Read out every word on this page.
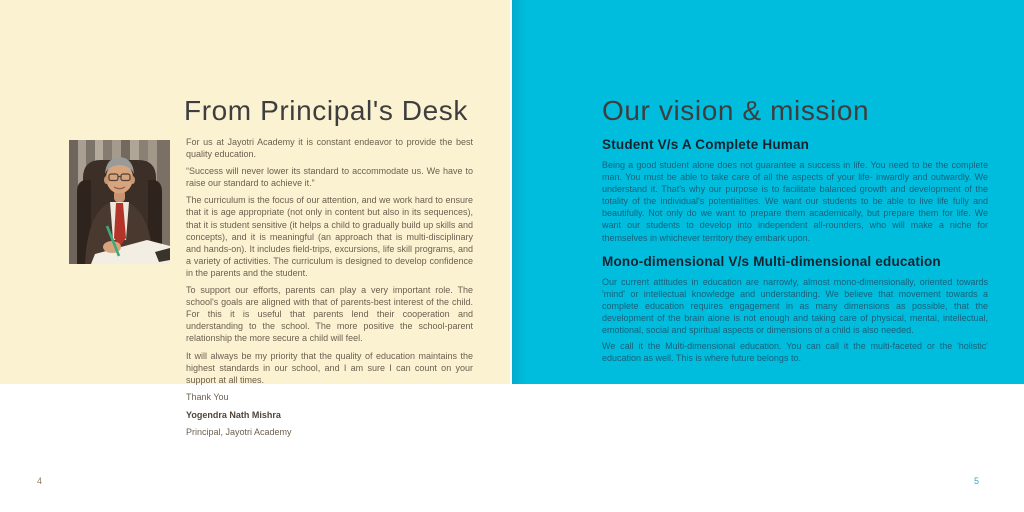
From Principal's Desk	Our vision & mission

For us at Jayotri Academy it is constant endeavor to provide the best quality education.

“Success will never lower its standard to accommodate us. We have to raise our standard to achieve it.”

The curriculum is the focus of our attention, and we work hard to ensure that it is age appropriate (not only in content but also in its sequences), that it is student sensitive (it helps a child to gradually build up skills and concepts), and it is meaningful (an approach that is multi-disciplinary and hands-on). It includes field-trips, excursions, life skill programs, and a variety of activities. The curriculum is designed to develop confidence in the parents and the student.

To support our efforts, parents can play a very important role. The school's goals are aligned with that of parents-best interest of the child. For this it is useful that parents lend their cooperation and understanding to the school. The more positive the school-parent relationship the more secure a child will feel.

It will always be my priority that the quality of education maintains the highest standards in our school, and I am sure I can count on your support at all times.

Thank You

Yogendra Nath Mishra

Principal, Jayotri Academy

Student V/s A Complete Human

Being a good student alone does not guarantee a success in life. You need to be the complete man. You must be able to take care of all the aspects of your life- inwardly and outwardly. We understand it. That's why our purpose is to facilitate balanced growth and development of the totality of the individual's potentialities. We want our students to be able to live life fully and beautifully. Not only do we want to prepare them academically, but prepare them for life. We want our students to develop into independent all-rounders, who will make a niche for themselves in whichever territory they embark upon.

Mono-dimensional V/s Multi-dimensional education

Our current attitudes in education are narrowly, almost mono-dimensionally, oriented towards 'mind' or intellectual knowledge and understanding. We believe that movement towards a complete education requires engagement in as many dimensions as possible, that the development of the brain alone is not enough and taking care of physical, mental, intellectual, emotional, social and spiritual aspects or dimensions of a child is also needed.

We call it the Multi-dimensional education. You can call it the multi-faceted or the 'holistic' education as well. This is where future belongs to.

4	5
